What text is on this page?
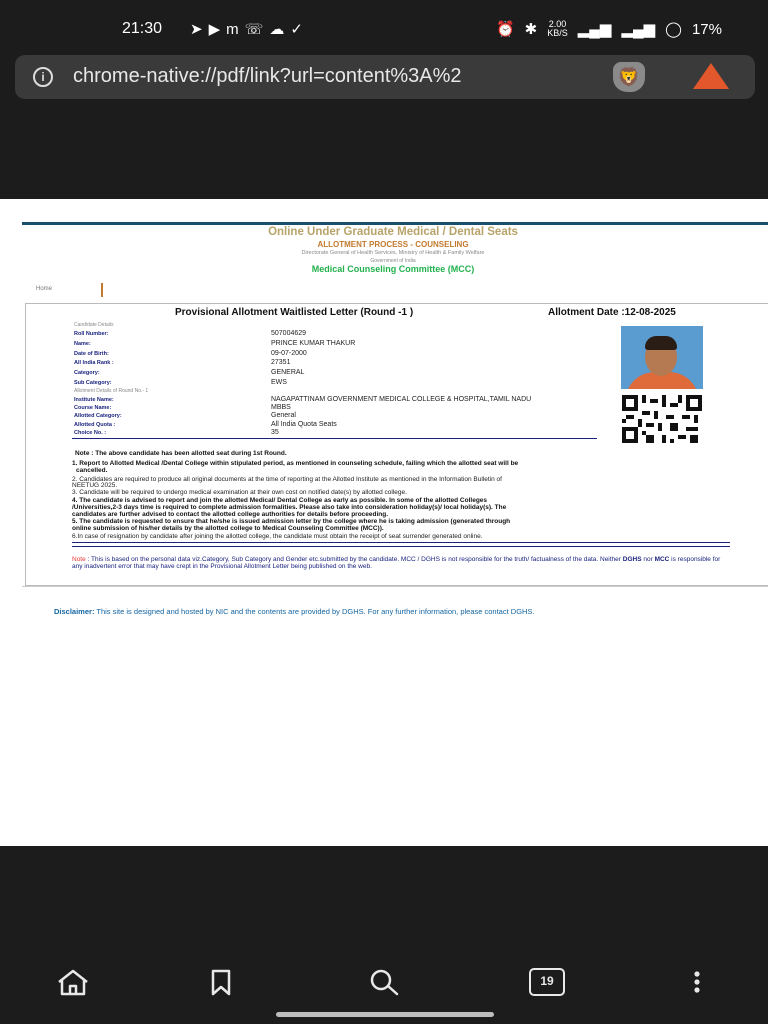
21:30 ➤▶m☏☁✓	⏰ ✱ 2.00
KB/S ▂▄▆ ▂▄▆ ◯ 17%
i	chrome-native://pdf/link?url=content%3A%2	🦁
Online Under Graduate Medical / Dental Seats
ALLOTMENT PROCESS - COUNSELING
Directorate General of Health Services, Ministry of Health & Family Welfare
Government of India
Medical Counseling Committee (MCC)
Home
Provisional Allotment Waitlisted Letter (Round -1 )	Allotment Date :12-08-2025
Candidate Details
Roll Number:	507004629
Name:	PRINCE KUMAR THAKUR
Date of Birth:	09-07-2000
All India Rank :	27351
Category:	GENERAL
Sub Category:	EWS
Allotment Details of Round No.- 1
Institute Name:	NAGAPATTINAM GOVERNMENT MEDICAL COLLEGE & HOSPITAL,TAMIL NADU
Course Name:	MBBS
Allotted Category:	General
Allotted Quota :	All India Quota Seats
Choice No. :	35
Note : The above candidate has been allotted seat during 1st Round.
1. Report to Allotted Medical /Dental College within stipulated period, as mentioned in counseling schedule, failing which the allotted seat will be
cancelled.
2. Candidates are required to produce all original documents at the time of reporting at the Allotted Institute as mentioned in the Information Bulletin of
NEETUG 2025.
3. Candidate will be required to undergo medical examination at their own cost on notified date(s) by allotted college.
4. The candidate is advised to report and join the allotted Medical/ Dental College as early as possible. In some of the allotted Colleges
/Universities,2-3 days time is required to complete admission formalities. Please also take into consideration holiday(s)/ local holiday(s). The
candidates are further advised to contact the allotted college authorities for details before proceeding.
5. The candidate is requested to ensure that he/she is issued admission letter by the college where he is taking admission (generated through
online submission of his/her details by the allotted college to Medical Counseling Committee (MCC)).
6.In case of resignation by candidate after joining the allotted college, the candidate must obtain the receipt of seat surrender generated online.
Note : This is based on the personal data viz.Category, Sub Category and Gender etc.submitted by the candidate. MCC / DGHS is not responsible for the truth/ factualness of the data. Neither DGHS nor MCC is responsible for any inadvertent error that may have crept in the Provisional Allotment Letter being published on the web.
Disclaimer: This site is designed and hosted by NIC and the contents are provided by DGHS. For any further information, please contact DGHS.
19
